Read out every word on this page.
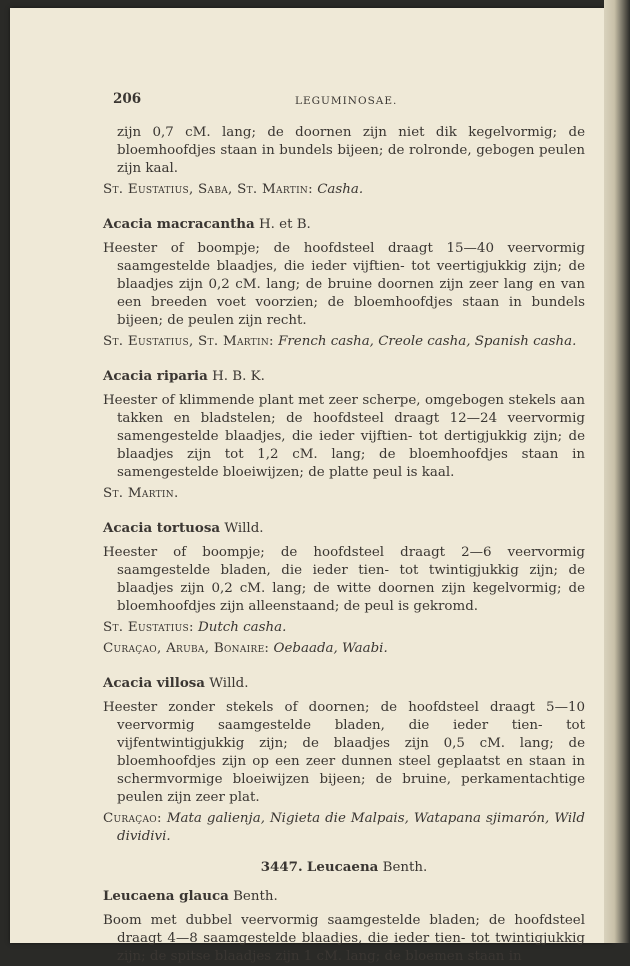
206	LEGUMINOSAE.

zijn 0,7 cM. lang; de doornen zijn niet dik kegelvormig; de bloemhoofdjes staan in bundels bijeen; de rolronde, gebogen peulen zijn kaal.

St. Eustatius, Saba, St. Martin: Casha.

Acacia macracantha H. et B.

Heester of boompje; de hoofdsteel draagt 15—40 veervormig saamgestelde blaadjes, die ieder vijftien- tot veertigjukkig zijn; de blaadjes zijn 0,2 cM. lang; de bruine doornen zijn zeer lang en van een breeden voet voorzien; de bloemhoofdjes staan in bundels bijeen; de peulen zijn recht.

St. Eustatius, St. Martin: French casha, Creole casha, Spanish casha.

Acacia riparia H. B. K.

Heester of klimmende plant met zeer scherpe, omgebogen stekels aan takken en bladstelen; de hoofdsteel draagt 12—24 veervormig samengestelde blaadjes, die ieder vijftien- tot dertigjukkig zijn; de blaadjes zijn tot 1,2 cM. lang; de bloemhoofdjes staan in samengestelde bloeiwijzen; de platte peul is kaal.

St. Martin.

Acacia tortuosa Willd.

Heester of boompje; de hoofdsteel draagt 2—6 veervormig saamgestelde bladen, die ieder tien- tot twintigjukkig zijn; de blaadjes zijn 0,2 cM. lang; de witte doornen zijn kegelvormig; de bloemhoofdjes zijn alleenstaand; de peul is gekromd.

St. Eustatius: Dutch casha.

Curaçao, Aruba, Bonaire: Oebaada, Waabi.

Acacia villosa Willd.

Heester zonder stekels of doornen; de hoofdsteel draagt 5—10 veervormig saamgestelde bladen, die ieder tien- tot vijfentwintigjukkig zijn; de blaadjes zijn 0,5 cM. lang; de bloemhoofdjes zijn op een zeer dunnen steel geplaatst en staan in schermvormige bloeiwijzen bijeen; de bruine, perkamentachtige peulen zijn zeer plat.

Curaçao: Mata galienja, Nigieta die Malpais, Watapana sjimarón, Wild dividivi.

3447. Leucaena Benth.

Leucaena glauca Benth.

Boom met dubbel veervormig saamgestelde bladen; de hoofdsteel draagt 4—8 saamgestelde blaadjes, die ieder tien- tot twintigjukkig zijn; de spitse blaadjes zijn 1 cM. lang; de bloemen staan in
